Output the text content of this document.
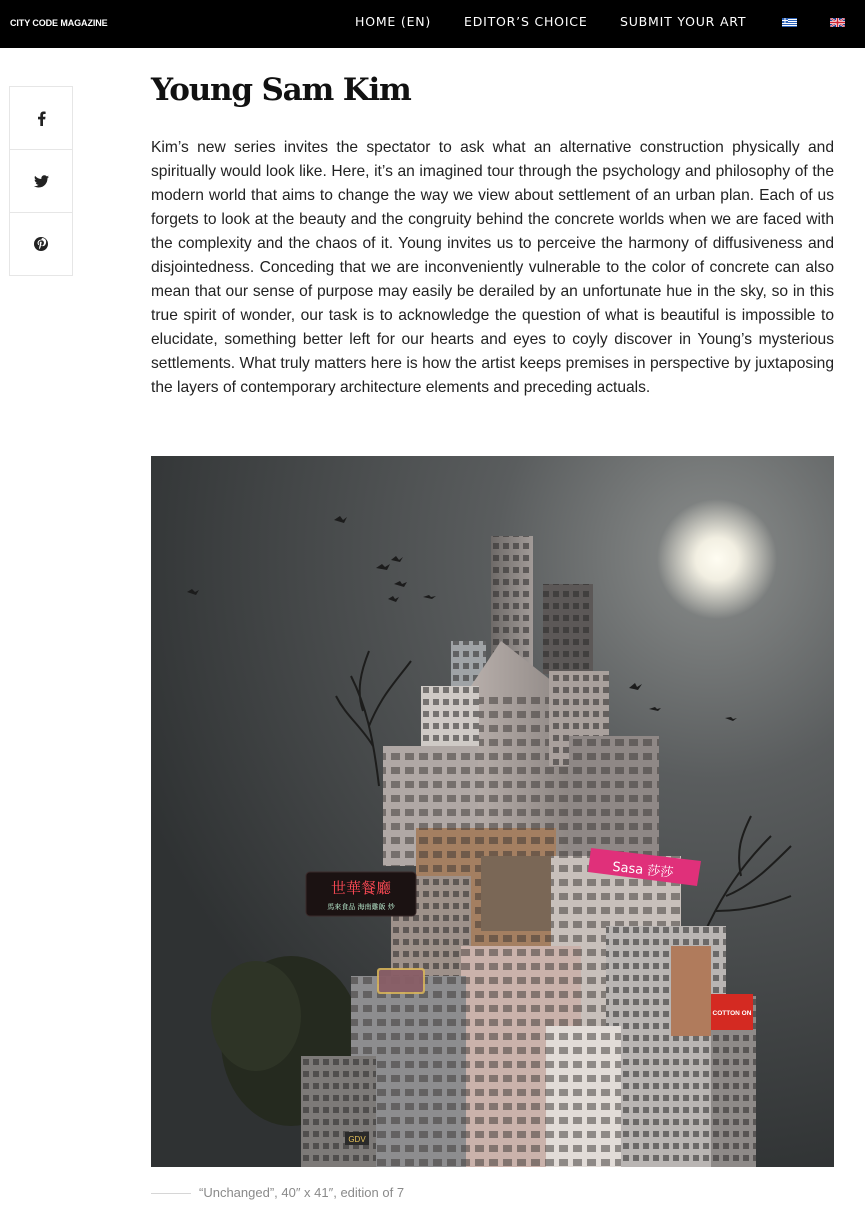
CITY CODE MAGAZINE	HOME (EN)	EDITOR’S CHOICE	SUBMIT YOUR ART
Young Sam Kim

Kim’s new series invites the spectator to ask what an alternative construction physically and spiritually would look like. Here, it’s an imagined tour through the psychology and philosophy of the modern world that aims to change the way we view about settlement of an urban plan. Each of us forgets to look at the beauty and the congruity behind the concrete worlds when we are faced with the complexity and the chaos of it. Young invites us to perceive the harmony of diffusiveness and disjointedness. Conceding that we are inconveniently vulnerable to the color of concrete can also mean that our sense of purpose may easily be derailed by an unfortunate hue in the sky, so in this true spirit of wonder, our task is to acknowledge the question of what is beautiful is impossible to elucidate, something better left for our hearts and eyes to coyly discover in Young’s mysterious settlements. What truly matters here is how the artist keeps premises in perspective by juxtaposing the layers of contemporary architecture elements and preceding actuals.

世華餐廳
馬來食品 海南雞飯 炒
Sasa 莎莎
COTTON ON
GDV
“Unchanged”, 40″ x 41″, edition of 7
